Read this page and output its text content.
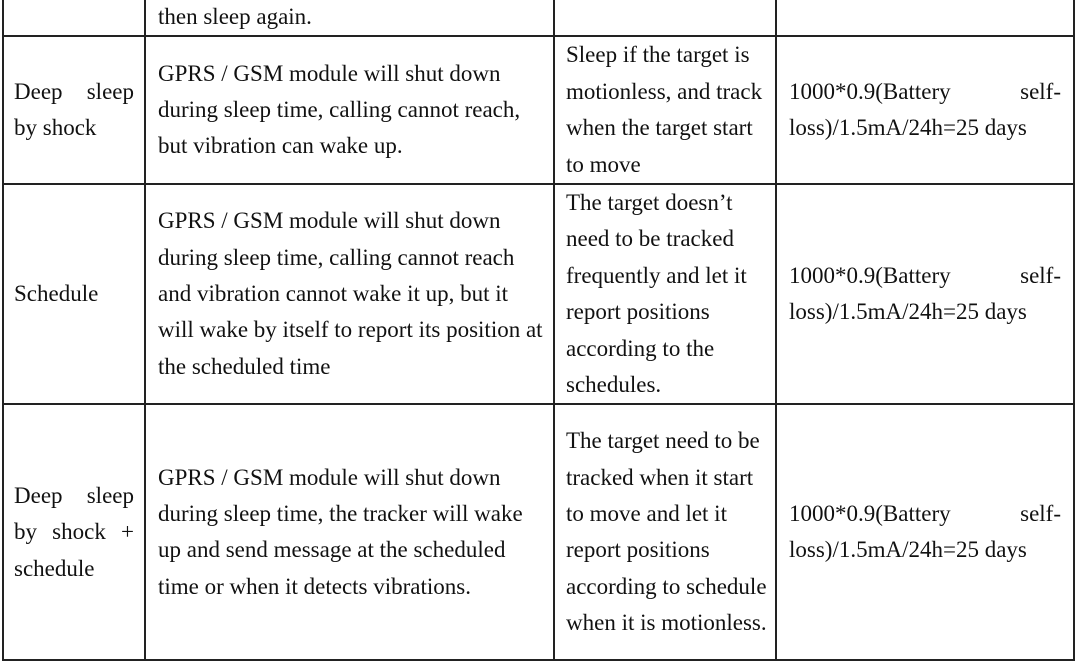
	then sleep again.		
Deep sleep by shock	GPRS / GSM module will shut down during sleep time, calling cannot reach, but vibration can wake up.	Sleep if the target is motionless, and track when the target start to move	1000*0.9(Battery self-loss)/1.5mA/24h=25 days
Schedule	GPRS / GSM module will shut down during sleep time, calling cannot reach and vibration cannot wake it up, but it will wake by itself to report its position at the scheduled time	The target doesn’t need to be tracked frequently and let it report positions according to the schedules.	1000*0.9(Battery self-loss)/1.5mA/24h=25 days
Deep sleep by shock + schedule	GPRS / GSM module will shut down during sleep time, the tracker will wake up and send message at the scheduled time or when it detects vibrations.	The target need to be tracked when it start to move and let it report positions according to schedule when it is motionless.	1000*0.9(Battery self-loss)/1.5mA/24h=25 days
